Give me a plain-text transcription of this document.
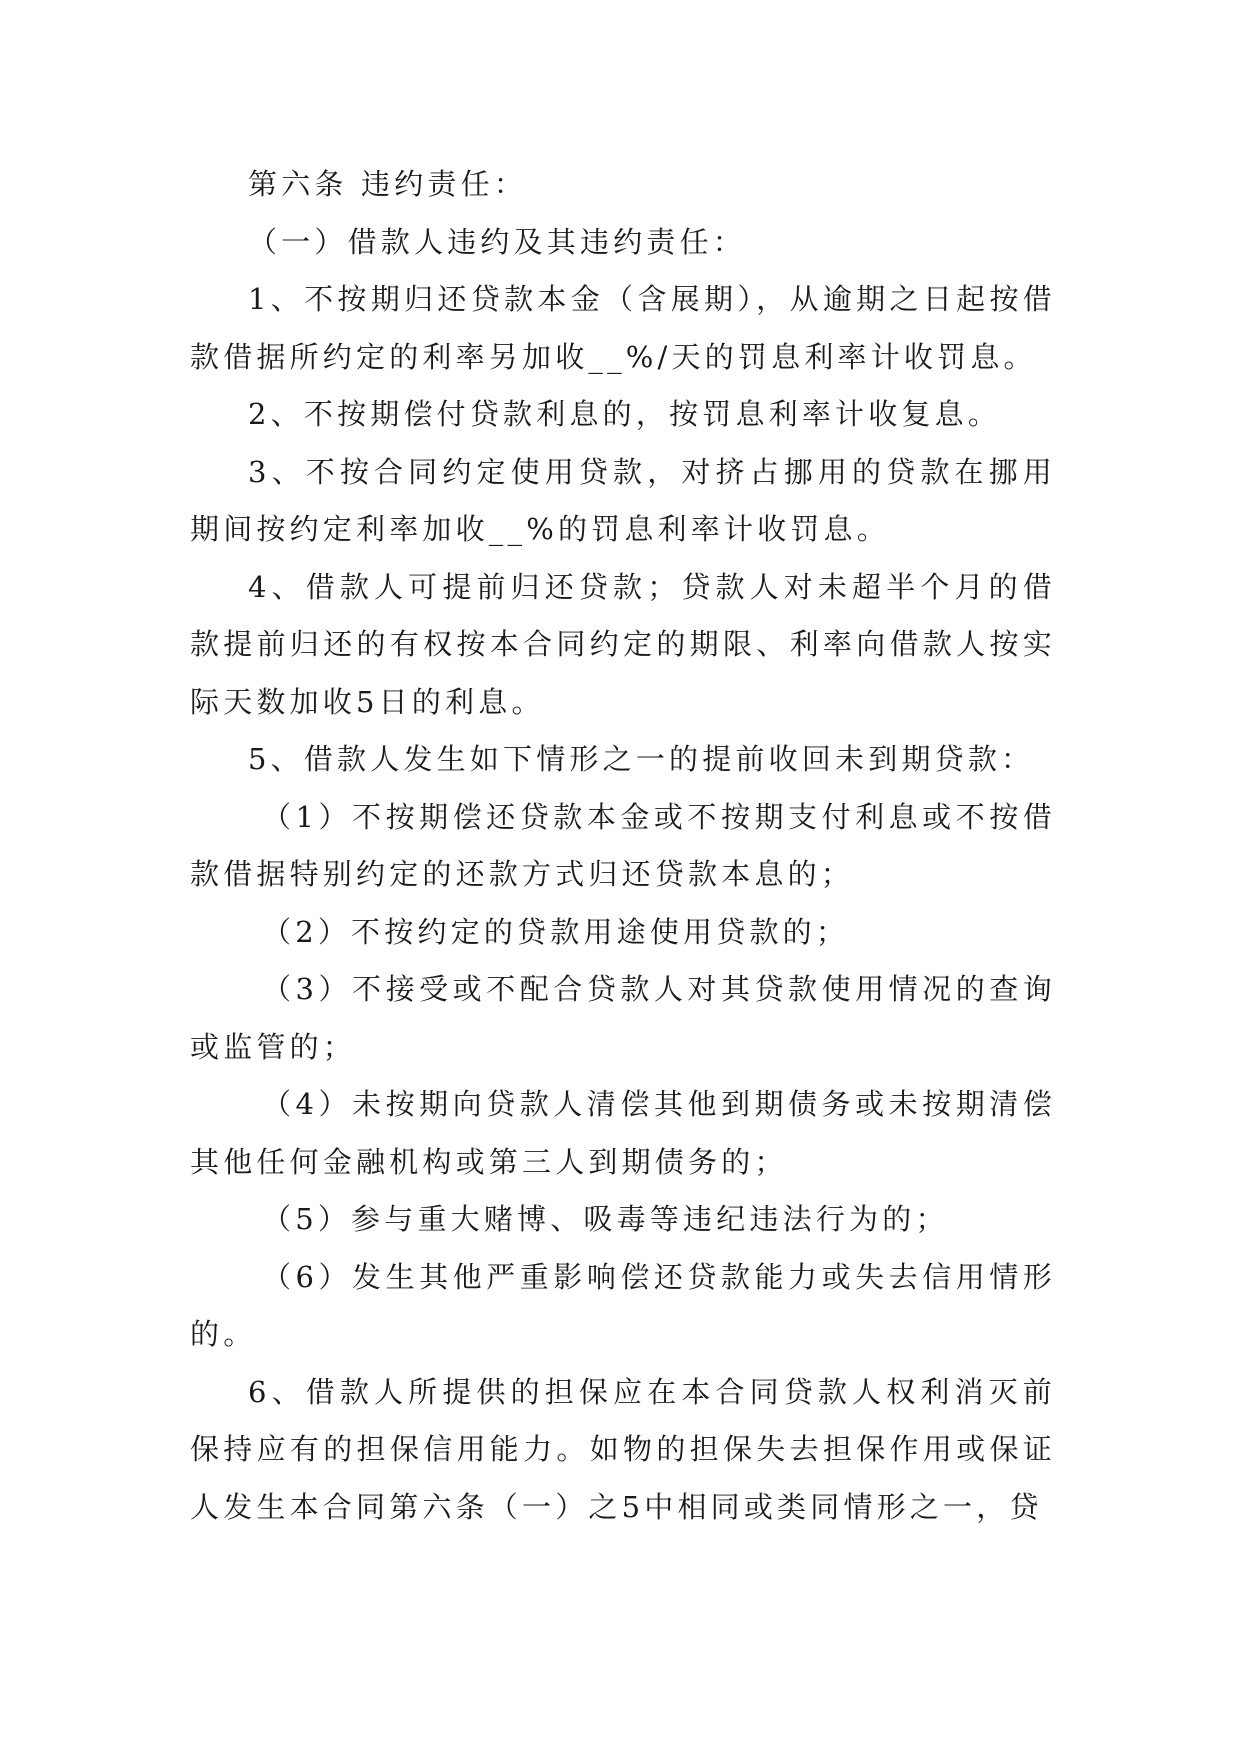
第六条 违约责任：

（一）借款人违约及其违约责任：

1、不按期归还贷款本金（含展期），从逾期之日起按借款借据所约定的利率另加收__%/天的罚息利率计收罚息。

2、不按期偿付贷款利息的，按罚息利率计收复息。

3、不按合同约定使用贷款，对挤占挪用的贷款在挪用期间按约定利率加收__%的罚息利率计收罚息。

4、借款人可提前归还贷款；贷款人对未超半个月的借款提前归还的有权按本合同约定的期限、利率向借款人按实际天数加收5日的利息。

5、借款人发生如下情形之一的提前收回未到期贷款：

（1）不按期偿还贷款本金或不按期支付利息或不按借款借据特别约定的还款方式归还贷款本息的；

（2）不按约定的贷款用途使用贷款的；

（3）不接受或不配合贷款人对其贷款使用情况的查询或监管的；

（4）未按期向贷款人清偿其他到期债务或未按期清偿其他任何金融机构或第三人到期债务的；

（5）参与重大赌博、吸毒等违纪违法行为的；

（6）发生其他严重影响偿还贷款能力或失去信用情形的。

6、借款人所提供的担保应在本合同贷款人权利消灭前保持应有的担保信用能力。如物的担保失去担保作用或保证人发生本合同第六条（一）之5中相同或类同情形之一，贷
